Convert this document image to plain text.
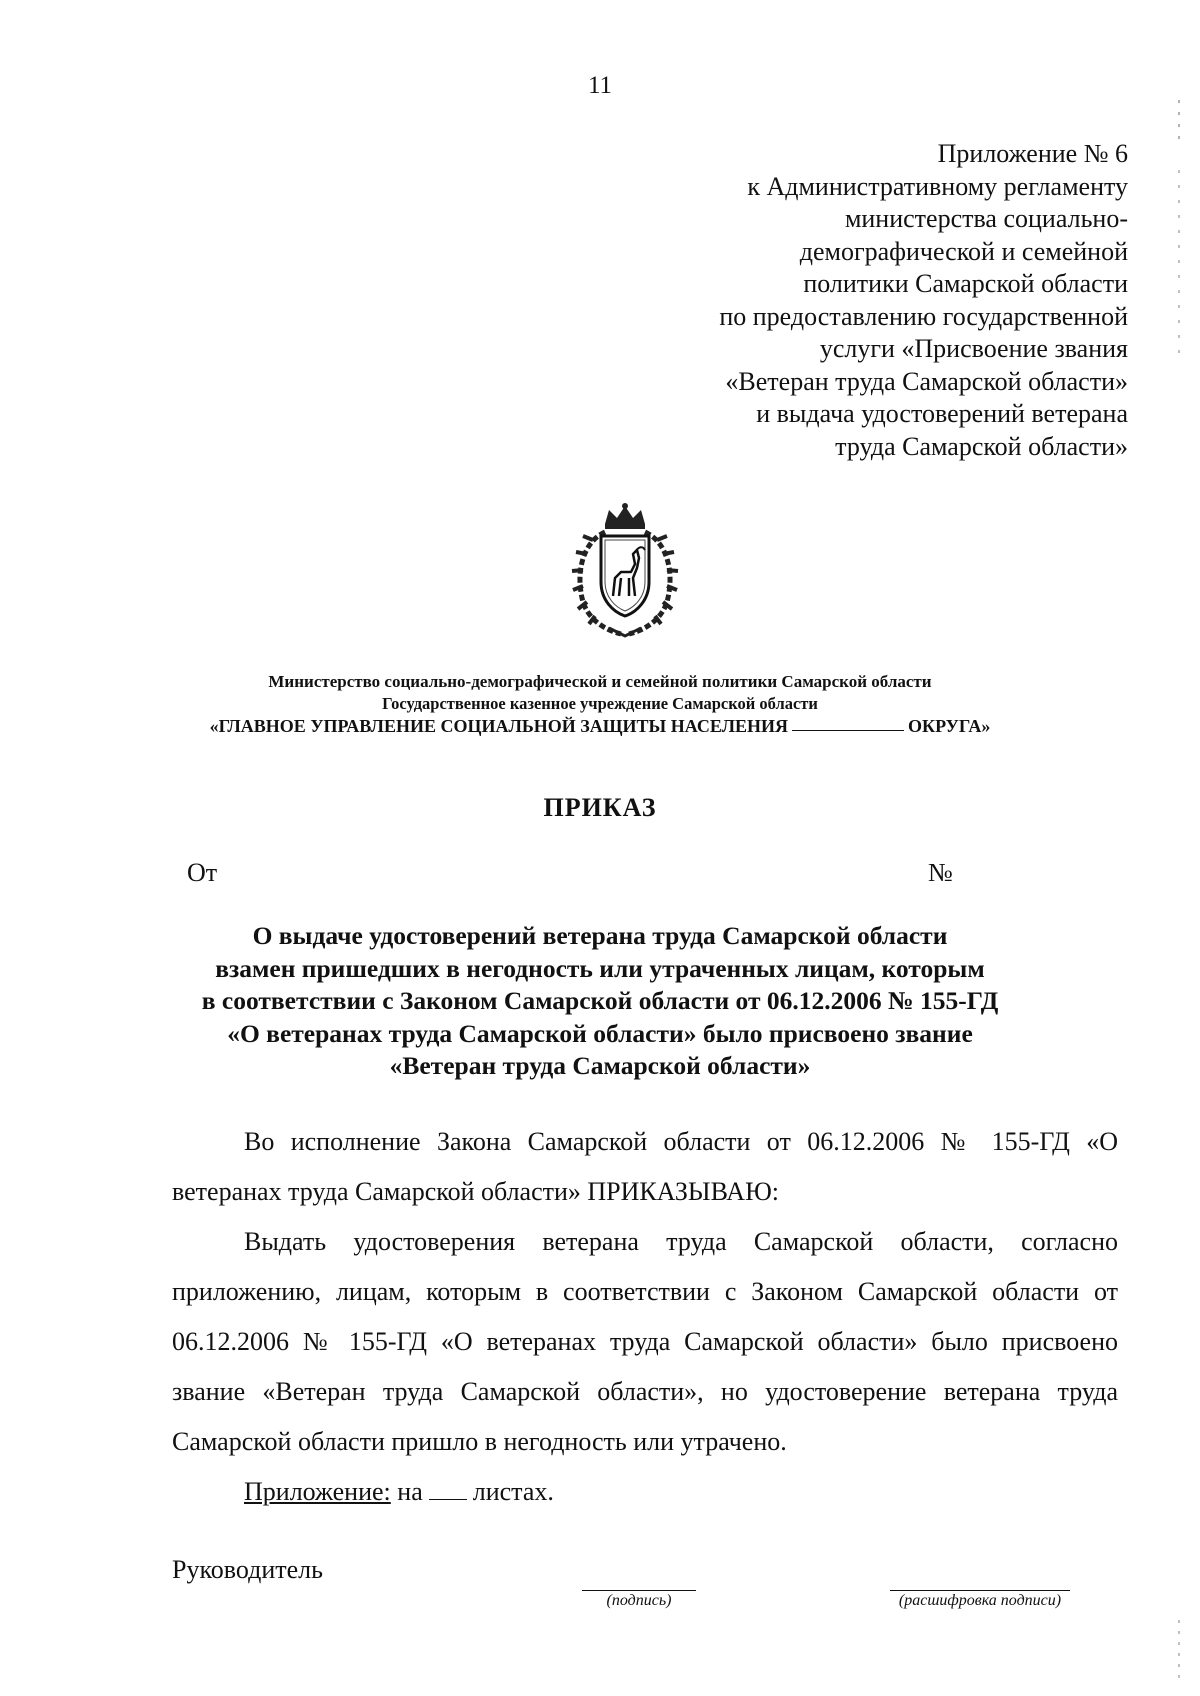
11
Приложение № 6
к Административному регламенту
министерства социально-
демографической и семейной
политики Самарской области
по предоставлению государственной
услуги «Присвоение звания
«Ветеран труда Самарской области»
и выдача удостоверений ветерана
труда Самарской области»
Министерство социально-демографической и семейной политики Самарской области
Государственное казенное учреждение Самарской области
«ГЛАВНОЕ УПРАВЛЕНИЕ СОЦИАЛЬНОЙ ЗАЩИТЫ НАСЕЛЕНИЯ	ОКРУГА»
ПРИКАЗ
От	№
О выдаче удостоверений ветерана труда Самарской области
взамен пришедших в негодность или утраченных лицам, которым
в соответствии с Законом Самарской области от 06.12.2006 № 155-ГД
«О ветеранах труда Самарской области» было присвоено звание
«Ветеран труда Самарской области»

Во исполнение Закона Самарской области от 06.12.2006 № 155-ГД «О ветеранах труда Самарской области» ПРИКАЗЫВАЮ:

Выдать удостоверения ветерана труда Самарской области, согласно приложению, лицам, которым в соответствии с Законом Самарской области от 06.12.2006 № 155-ГД «О ветеранах труда Самарской области» было присвоено звание «Ветеран труда Самарской области», но удостоверение ветерана труда Самарской области пришло в негодность или утрачено.

Приложение: на листах.

Руководитель
(подпись)	(расшифровка подписи)
